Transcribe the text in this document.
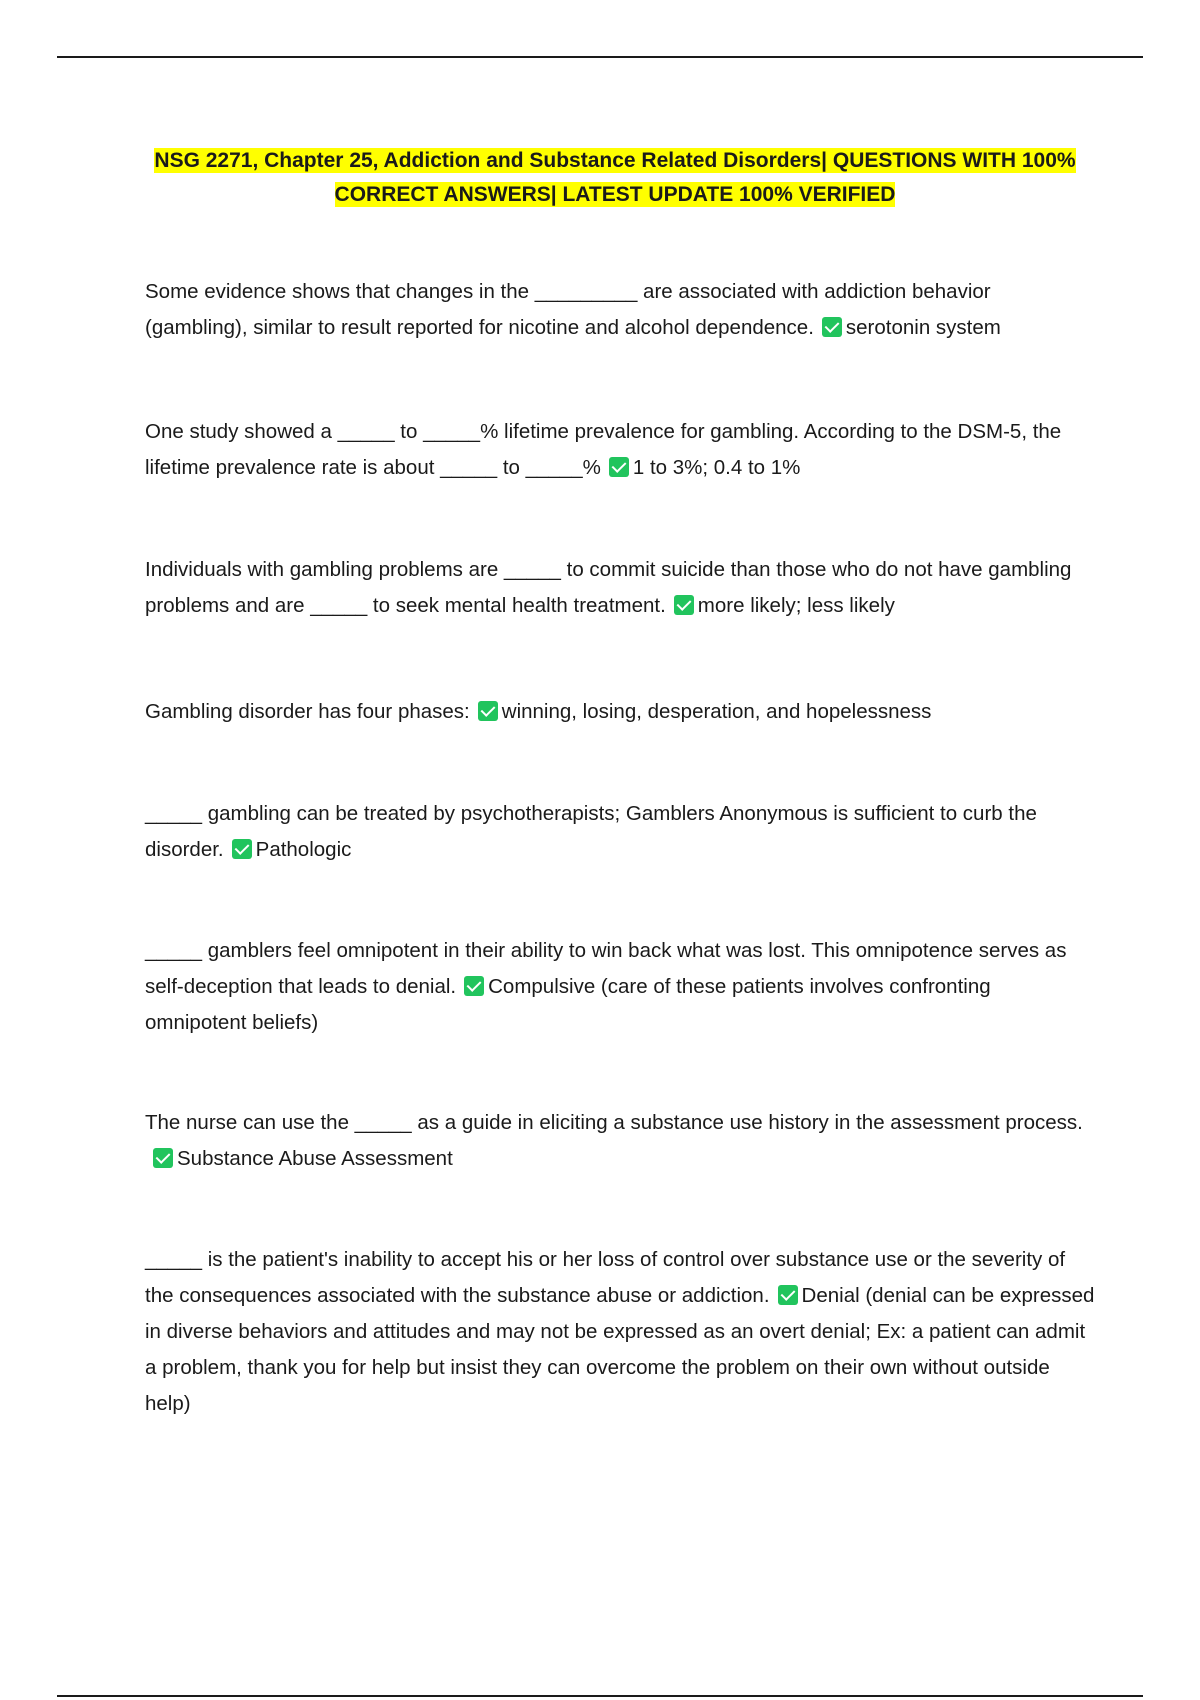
NSG 2271, Chapter 25, Addiction and Substance Related Disorders| QUESTIONS WITH 100%
CORRECT ANSWERS| LATEST UPDATE 100% VERIFIED

Some evidence shows that changes in the _________ are associated with addiction behavior (gambling), similar to result reported for nicotine and alcohol dependence. serotonin system

One study showed a _____ to _____% lifetime prevalence for gambling. According to the DSM-5, the lifetime prevalence rate is about _____ to _____% 1 to 3%; 0.4 to 1%

Individuals with gambling problems are _____ to commit suicide than those who do not have gambling problems and are _____ to seek mental health treatment. more likely; less likely

Gambling disorder has four phases: winning, losing, desperation, and hopelessness

_____ gambling can be treated by psychotherapists; Gamblers Anonymous is sufficient to curb the disorder. Pathologic

_____ gamblers feel omnipotent in their ability to win back what was lost. This omnipotence serves as self-deception that leads to denial. Compulsive (care of these patients involves confronting omnipotent beliefs)

The nurse can use the _____ as a guide in eliciting a substance use history in the assessment process.Substance Abuse Assessment

_____ is the patient's inability to accept his or her loss of control over substance use or the severity of the consequences associated with the substance abuse or addiction. Denial (denial can be expressed in diverse behaviors and attitudes and may not be expressed as an overt denial; Ex: a patient can admit a problem, thank you for help but insist they can overcome the problem on their own without outside help)
